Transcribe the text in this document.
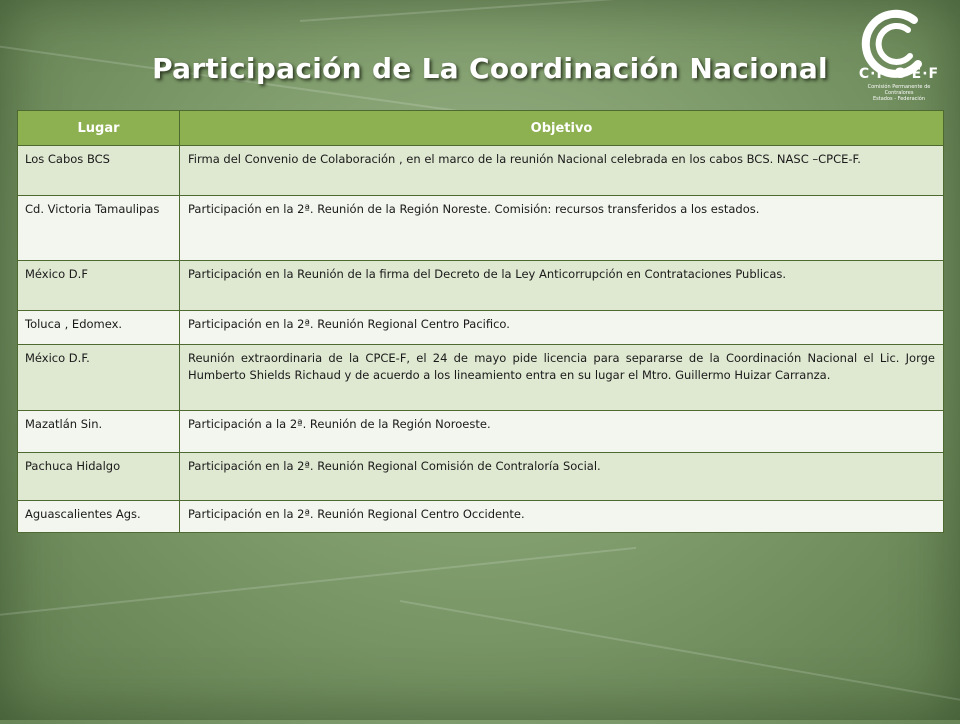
Participación de La Coordinación Nacional	C·P·C·E·F
Comisión Permanente de Contralores
Estados - Federación
Lugar	Objetivo
Los Cabos BCS	Firma del Convenio de Colaboración , en el marco de la reunión Nacional celebrada en los cabos BCS. NASC –CPCE-F.
Cd. Victoria Tamaulipas	Participación en la 2ª. Reunión de la Región Noreste. Comisión: recursos transferidos a los estados.
México D.F	Participación en la Reunión de la firma del Decreto de la Ley Anticorrupción en Contrataciones Publicas.
Toluca , Edomex.	Participación en la 2ª. Reunión Regional Centro Pacifico.
México D.F.	Reunión extraordinaria de la CPCE-F, el 24 de mayo pide licencia para separarse de la Coordinación Nacional el Lic. Jorge Humberto Shields Richaud y de acuerdo a los lineamiento entra en su lugar el Mtro. Guillermo Huizar Carranza.
Mazatlán Sin.	Participación a la 2ª. Reunión de la Región Noroeste.
Pachuca Hidalgo	Participación en la 2ª. Reunión Regional Comisión de Contraloría Social.
Aguascalientes Ags.	Participación en la 2ª. Reunión Regional Centro Occidente.
